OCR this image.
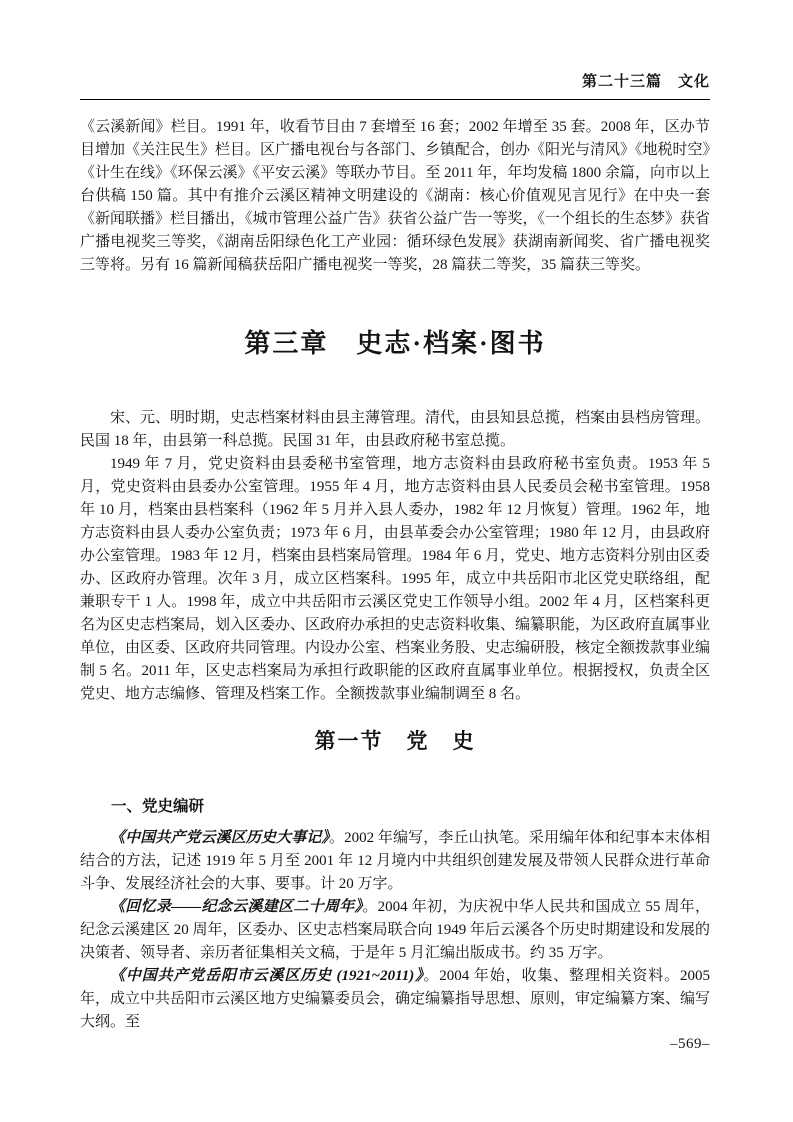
第二十三篇　文化

《云溪新闻》栏目。1991 年，收看节目由 7 套增至 16 套；2002 年增至 35 套。2008 年，区办节目增加《关注民生》栏目。区广播电视台与各部门、乡镇配合，创办《阳光与清风》《地税时空》《计生在线》《环保云溪》《平安云溪》等联办节目。至 2011 年，年均发稿 1800 余篇，向市以上台供稿 150 篇。其中有推介云溪区精神文明建设的《湖南：核心价值观见言见行》在中央一套《新闻联播》栏目播出，《城市管理公益广告》获省公益广告一等奖，《一个组长的生态梦》获省广播电视奖三等奖，《湖南岳阳绿色化工产业园：循环绿色发展》获湖南新闻奖、省广播电视奖三等将。另有 16 篇新闻稿获岳阳广播电视奖一等奖，28 篇获二等奖，35 篇获三等奖。

第三章　史志·档案·图书

宋、元、明时期，史志档案材料由县主薄管理。清代，由县知县总揽，档案由县档房管理。民国 18 年，由县第一科总揽。民国 31 年，由县政府秘书室总揽。

1949 年 7 月，党史资料由县委秘书室管理，地方志资料由县政府秘书室负责。1953 年 5 月，党史资料由县委办公室管理。1955 年 4 月，地方志资料由县人民委员会秘书室管理。1958 年 10 月，档案由县档案科（1962 年 5 月并入县人委办，1982 年 12 月恢复）管理。1962 年，地方志资料由县人委办公室负责；1973 年 6 月，由县革委会办公室管理；1980 年 12 月，由县政府办公室管理。1983 年 12 月，档案由县档案局管理。1984 年 6 月，党史、地方志资料分别由区委办、区政府办管理。次年 3 月，成立区档案科。1995 年，成立中共岳阳市北区党史联络组，配兼职专干 1 人。1998 年，成立中共岳阳市云溪区党史工作领导小组。2002 年 4 月，区档案科更名为区史志档案局，划入区委办、区政府办承担的史志资料收集、编纂职能，为区政府直属事业单位，由区委、区政府共同管理。内设办公室、档案业务股、史志编研股，核定全额拨款事业编制 5 名。2011 年，区史志档案局为承担行政职能的区政府直属事业单位。根据授权，负责全区党史、地方志编修、管理及档案工作。全额拨款事业编制调至 8 名。

第一节　党　史
一、党史编研

《中国共产党云溪区历史大事记》。2002 年编写，李丘山执笔。采用编年体和纪事本末体相结合的方法，记述 1919 年 5 月至 2001 年 12 月境内中共组织创建发展及带领人民群众进行革命斗争、发展经济社会的大事、要事。计 20 万字。

《回忆录——纪念云溪建区二十周年》。2004 年初，为庆祝中华人民共和国成立 55 周年，纪念云溪建区 20 周年，区委办、区史志档案局联合向 1949 年后云溪各个历史时期建设和发展的决策者、领导者、亲历者征集相关文稿，于是年 5 月汇编出版成书。约 35 万字。

《中国共产党岳阳市云溪区历史 (1921~2011)》。2004 年始，收集、整理相关资料。2005 年，成立中共岳阳市云溪区地方史编纂委员会，确定编纂指导思想、原则，审定编纂方案、编写大纲。至

–569–
